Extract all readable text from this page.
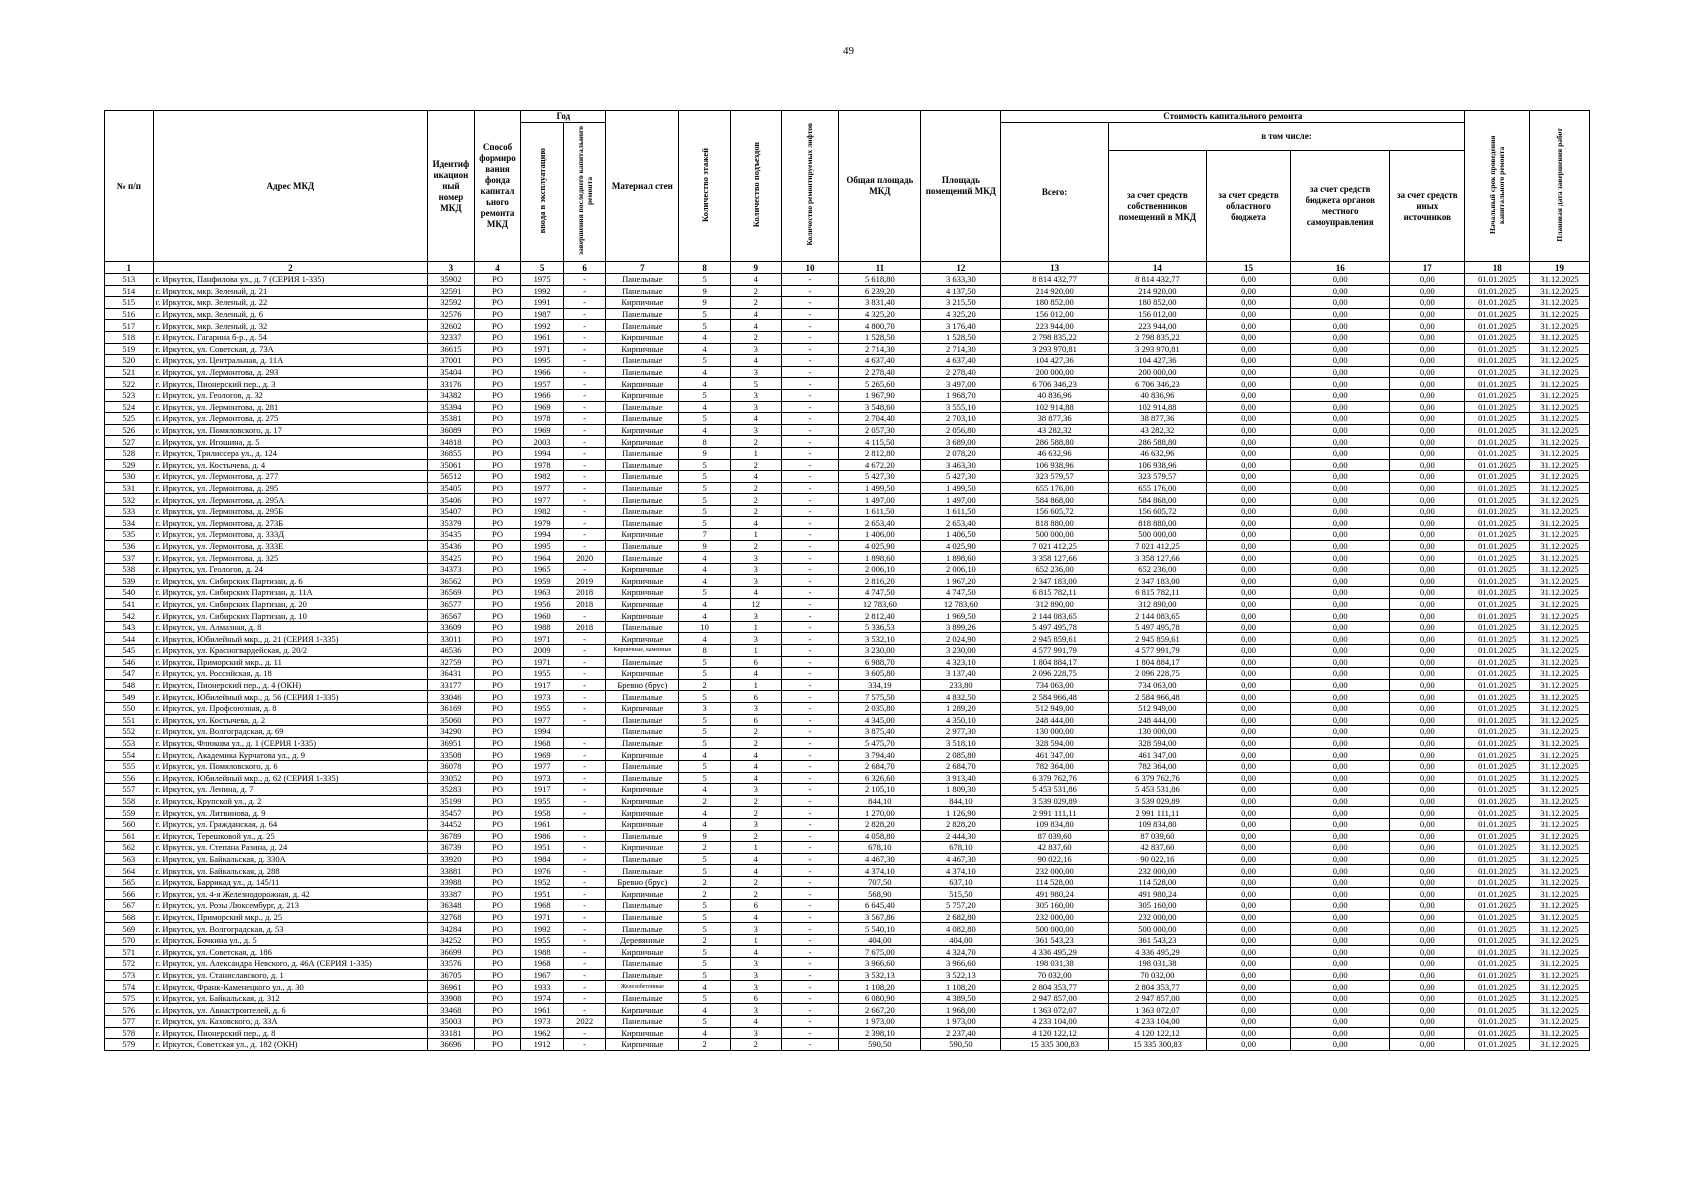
49
№ п/п	Адрес МКД	Идентиф икацион ный номер МКД	Способ формиро вания фонда капитал ьного ремонта МКД	Год		Материал стен	Количество этажей	Количество подъездов	Количество ремонтируемых лифтов	Общая площадь МКД	Площадь помещений МКД	Стоимость капитального ремонта					Начальный срок проведения капитального ремонта	Плановая дата завершения работ
				ввода в эксплуатацию	завершения последнего капитального ремонта							Всего:	в том числе:					
													за счет средств собственников помещений в МКД	за счет средств областного бюджета	за счет средств бюджета органов местного самоуправления	за счет средств иных источников		
1	2	3	4	5	6	7	8	9	10	11	12	13	14	15	16	17	18	19
513	г. Иркутск, Панфилова ул., д. 7 (СЕРИЯ 1-335)	35902	РО	1975	-	Панельные	5	4	-	5 618,80	3 633,30	8 814 432,77	8 814 432,77	0,00	0,00	0,00	01.01.2025	31.12.2025
514	г. Иркутск, мкр. Зеленый, д. 21	32591	РО	1992	-	Панельные	9	2	-	6 239,20	4 137,50	214 920,00	214 920,00	0,00	0,00	0,00	01.01.2025	31.12.2025
515	г. Иркутск, мкр. Зеленый, д. 22	32592	РО	1991	-	Кирпичные	9	2	-	3 831,40	3 215,50	180 852,00	180 852,00	0,00	0,00	0,00	01.01.2025	31.12.2025
516	г. Иркутск, мкр. Зеленый, д. 6	32576	РО	1987	-	Панельные	5	4	-	4 325,20	4 325,20	156 012,00	156 012,00	0,00	0,00	0,00	01.01.2025	31.12.2025
517	г. Иркутск, мкр. Зеленый, д. 32	32602	РО	1992	-	Панельные	5	4	-	4 800,70	3 176,40	223 944,00	223 944,00	0,00	0,00	0,00	01.01.2025	31.12.2025
518	г. Иркутск, Гагарина б-р., д. 54	32337	РО	1961	-	Кирпичные	4	2	-	1 528,50	1 528,50	2 798 835,22	2 798 835,22	0,00	0,00	0,00	01.01.2025	31.12.2025
519	г. Иркутск, ул. Советская, д. 73А	36615	РО	1971	-	Кирпичные	4	3	-	2 714,30	2 714,30	3 293 970,81	3 293 970,81	0,00	0,00	0,00	01.01.2025	31.12.2025
520	г. Иркутск, ул. Центральная, д. 11А	37001	РО	1995	-	Панельные	5	4	-	4 637,40	4 637,40	104 427,36	104 427,36	0,00	0,00	0,00	01.01.2025	31.12.2025
521	г. Иркутск, ул. Лермонтова, д. 293	35404	РО	1966	-	Панельные	4	3	-	2 278,40	2 278,40	200 000,00	200 000,00	0,00	0,00	0,00	01.01.2025	31.12.2025
522	г. Иркутск, Пионерский пер., д. 3	33176	РО	1957	-	Кирпичные	4	5	-	5 265,60	3 497,00	6 706 346,23	6 706 346,23	0,00	0,00	0,00	01.01.2025	31.12.2025
523	г. Иркутск, ул. Геологов, д. 32	34382	РО	1966	-	Кирпичные	5	3	-	1 967,90	1 968,70	40 836,96	40 836,96	0,00	0,00	0,00	01.01.2025	31.12.2025
524	г. Иркутск, ул. Лермонтова, д. 281	35394	РО	1969	-	Панельные	4	3	-	3 548,60	3 555,10	102 914,88	102 914,88	0,00	0,00	0,00	01.01.2025	31.12.2025
525	г. Иркутск, ул. Лермонтова, д. 275	35381	РО	1978	-	Панельные	5	4	-	2 704,40	2 703,10	38 877,36	38 877,36	0,00	0,00	0,00	01.01.2025	31.12.2025
526	г. Иркутск, ул. Помяловского, д. 17	36089	РО	1969	-	Кирпичные	4	3	-	2 057,30	2 056,80	43 282,32	43 282,32	0,00	0,00	0,00	01.01.2025	31.12.2025
527	г. Иркутск, ул. Игошина, д. 5	34818	РО	2003	-	Кирпичные	8	2	-	4 115,50	3 689,00	286 588,80	286 588,80	0,00	0,00	0,00	01.01.2025	31.12.2025
528	г. Иркутск, Трилиссера ул., д. 124	36855	РО	1994	-	Панельные	9	1	-	2 812,80	2 078,20	46 632,96	46 632,96	0,00	0,00	0,00	01.01.2025	31.12.2025
529	г. Иркутск, ул. Костычева, д. 4	35061	РО	1978	-	Панельные	5	2	-	4 672,20	3 463,30	106 938,96	106 938,96	0,00	0,00	0,00	01.01.2025	31.12.2025
530	г. Иркутск, ул. Лермонтова, д. 277	56512	РО	1982	-	Панельные	5	4	-	5 427,30	5 427,30	323 579,57	323 579,57	0,00	0,00	0,00	01.01.2025	31.12.2025
531	г. Иркутск, ул. Лермонтова, д. 295	35405	РО	1977	-	Панельные	5	2	-	1 499,50	1 499,50	655 176,00	655 176,00	0,00	0,00	0,00	01.01.2025	31.12.2025
532	г. Иркутск, ул. Лермонтова, д. 295А	35406	РО	1977	-	Панельные	5	2	-	1 497,00	1 497,00	584 868,00	584 868,00	0,00	0,00	0,00	01.01.2025	31.12.2025
533	г. Иркутск, ул. Лермонтова, д. 295Б	35407	РО	1982	-	Панельные	5	2	-	1 611,50	1 611,50	156 605,72	156 605,72	0,00	0,00	0,00	01.01.2025	31.12.2025
534	г. Иркутск, ул. Лермонтова, д. 273Б	35379	РО	1979	-	Панельные	5	4	-	2 653,40	2 653,40	818 880,00	818 880,00	0,00	0,00	0,00	01.01.2025	31.12.2025
535	г. Иркутск, ул. Лермонтова, д. 333Д	35435	РО	1994	-	Кирпичные	7	1	-	1 406,00	1 406,50	500 000,00	500 000,00	0,00	0,00	0,00	01.01.2025	31.12.2025
536	г. Иркутск, ул. Лермонтова, д. 333Е	35436	РО	1995	-	Панельные	9	2	-	4 025,90	4 025,90	7 021 412,25	7 021 412,25	0,00	0,00	0,00	01.01.2025	31.12.2025
537	г. Иркутск, ул. Лермонтова, д. 325	35425	РО	1964	2020	Панельные	4	3	-	1 898,60	1 898,60	3 358 127,66	3 358 127,66	0,00	0,00	0,00	01.01.2025	31.12.2025
538	г. Иркутск, ул. Геологов, д. 24	34373	РО	1965	-	Кирпичные	4	3	-	2 006,10	2 006,10	652 236,00	652 236,00	0,00	0,00	0,00	01.01.2025	31.12.2025
539	г. Иркутск, ул. Сибирских Партизан, д. 6	36562	РО	1959	2019	Кирпичные	4	3	-	2 816,20	1 967,20	2 347 183,00	2 347 183,00	0,00	0,00	0,00	01.01.2025	31.12.2025
540	г. Иркутск, ул. Сибирских Партизан, д. 11А	36569	РО	1963	2018	Кирпичные	5	4	-	4 747,50	4 747,50	6 815 782,11	6 815 782,11	0,00	0,00	0,00	01.01.2025	31.12.2025
541	г. Иркутск, ул. Сибирских Партизан, д. 20	36577	РО	1956	2018	Кирпичные	4	12	-	12 783,60	12 783,60	312 890,00	312 890,00	0,00	0,00	0,00	01.01.2025	31.12.2025
542	г. Иркутск, ул. Сибирских Партизан, д. 10	36567	РО	1960	-	Кирпичные	4	3	-	2 812,40	1 969,50	2 144 083,65	2 144 083,65	0,00	0,00	0,00	01.01.2025	31.12.2025
543	г. Иркутск, ул. Алмазная, д. 8	33609	РО	1988	2018	Панельные	10	1	-	5 336,53	3 899,26	5 497 495,78	5 497 495,78	0,00	0,00	0,00	01.01.2025	31.12.2025
544	г. Иркутск, Юбилейный мкр., д. 21 (СЕРИЯ 1-335)	33011	РО	1971	-	Кирпичные	4	3	-	3 532,10	2 024,90	2 945 859,61	2 945 859,61	0,00	0,00	0,00	01.01.2025	31.12.2025
545	г. Иркутск, ул. Красногвардейская, д. 20/2	46536	РО	2009	-	Кирпичные, каменные	8	1	-	3 230,00	3 230,00	4 577 991,79	4 577 991,79	0,00	0,00	0,00	01.01.2025	31.12.2025
546	г. Иркутск, Приморский мкр., д. 11	32759	РО	1971	-	Панельные	5	6	-	6 988,70	4 323,10	1 804 884,17	1 804 884,17	0,00	0,00	0,00	01.01.2025	31.12.2025
547	г. Иркутск, ул. Российская, д. 18	36431	РО	1955	-	Кирпичные	5	4	-	3 605,80	3 137,40	2 096 228,75	2 096 228,75	0,00	0,00	0,00	01.01.2025	31.12.2025
548	г. Иркутск, Пионерский пер., д. 4 (ОКН)	33177	РО	1917	-	Бревно (брус)	2	1	-	334,19	233,80	734 063,00	734 063,00	0,00	0,00	0,00	01.01.2025	31.12.2025
549	г. Иркутск, Юбилейный мкр., д. 56 (СЕРИЯ 1-335)	33046	РО	1973	-	Панельные	5	6	-	7 575,50	4 832,50	2 584 966,48	2 584 966,48	0,00	0,00	0,00	01.01.2025	31.12.2025
550	г. Иркутск, ул. Профсоюзная, д. 8	36169	РО	1955	-	Кирпичные	3	3	-	2 035,80	1 289,20	512 949,00	512 949,00	0,00	0,00	0,00	01.01.2025	31.12.2025
551	г. Иркутск, ул. Костычева, д. 2	35060	РО	1977	-	Панельные	5	6	-	4 345,00	4 350,10	248 444,00	248 444,00	0,00	0,00	0,00	01.01.2025	31.12.2025
552	г. Иркутск, ул. Волгоградская, д. 69	34290	РО	1994		Панельные	5	2	-	3 875,40	2 977,30	130 000,00	130 000,00	0,00	0,00	0,00	01.01.2025	31.12.2025
553	г. Иркутск, Флюкова ул., д. 1 (СЕРИЯ 1-335)	36951	РО	1968	-	Панельные	5	2	-	5 475,70	3 518,10	328 594,00	328 594,00	0,00	0,00	0,00	01.01.2025	31.12.2025
554	г. Иркутск, Академика Курчатова ул., д. 9	33508	РО	1969	-	Кирпичные	4	4	-	3 794,40	2 085,80	461 347,00	461 347,00	0,00	0,00	0,00	01.01.2025	31.12.2025
555	г. Иркутск, ул. Помяловского, д. 6	36078	РО	1977	-	Панельные	5	4	-	2 684,70	2 684,70	782 364,00	782 364,00	0,00	0,00	0,00	01.01.2025	31.12.2025
556	г. Иркутск, Юбилейный мкр., д. 62 (СЕРИЯ 1-335)	33052	РО	1973	-	Панельные	5	4	-	6 326,60	3 913,40	6 379 762,76	6 379 762,76	0,00	0,00	0,00	01.01.2025	31.12.2025
557	г. Иркутск, ул. Ленина, д. 7	35283	РО	1917	-	Кирпичные	4	3	-	2 105,10	1 809,30	5 453 531,86	5 453 531,86	0,00	0,00	0,00	01.01.2025	31.12.2025
558	г. Иркутск, Крупской ул., д. 2	35199	РО	1955	-	Кирпичные	2	2	-	844,10	844,10	3 539 029,89	3 539 029,89	0,00	0,00	0,00	01.01.2025	31.12.2025
559	г. Иркутск, ул. Литвинова, д. 9	35457	РО	1958	-	Кирпичные	4	2	-	1 270,00	1 126,90	2 991 111,11	2 991 111,11	0,00	0,00	0,00	01.01.2025	31.12.2025
560	г. Иркутск, ул. Гражданская, д. 64	34452	РО	1961		Кирпичные	4	3	-	2 828,20	2 828,20	109 834,80	109 834,80	0,00	0,00	0,00	01.01.2025	31.12.2025
561	г. Иркутск, Терешковой ул., д. 25	36789	РО	1986	-	Панельные	9	2	-	4 058,80	2 444,30	87 039,60	87 039,60	0,00	0,00	0,00	01.01.2025	31.12.2025
562	г. Иркутск, ул. Степана Разина, д. 24	36739	РО	1951	-	Кирпичные	2	1	-	678,10	678,10	42 837,60	42 837,60	0,00	0,00	0,00	01.01.2025	31.12.2025
563	г. Иркутск, ул. Байкальская, д. 330А	33920	РО	1984	-	Панельные	5	4	-	4 467,30	4 467,30	90 022,16	90 022,16	0,00	0,00	0,00	01.01.2025	31.12.2025
564	г. Иркутск, ул. Байкальская, д. 288	33881	РО	1976	-	Панельные	5	4	-	4 374,10	4 374,10	232 000,00	232 000,00	0,00	0,00	0,00	01.01.2025	31.12.2025
565	г. Иркутск, Баррикад ул., д. 145/11	33988	РО	1952	-	Бревно (брус)	2	2	-	707,50	637,10	114 528,00	114 528,00	0,00	0,00	0,00	01.01.2025	31.12.2025
566	г. Иркутск, ул. 4-я Железнодорожная, д. 42	33387	РО	1951	-	Кирпичные	2	2	-	568,90	515,50	491 980,24	491 980,24	0,00	0,00	0,00	01.01.2025	31.12.2025
567	г. Иркутск, ул. Розы Люксембург, д. 213	36348	РО	1968	-	Панельные	5	6	-	6 645,40	5 757,20	305 160,00	305 160,00	0,00	0,00	0,00	01.01.2025	31.12.2025
568	г. Иркутск, Приморский мкр., д. 25	32768	РО	1971	-	Панельные	5	4	-	3 567,86	2 682,80	232 000,00	232 000,00	0,00	0,00	0,00	01.01.2025	31.12.2025
569	г. Иркутск, ул. Волгоградская, д. 53	34284	РО	1992	-	Панельные	5	3	-	5 540,10	4 082,80	500 000,00	500 000,00	0,00	0,00	0,00	01.01.2025	31.12.2025
570	г. Иркутск, Бочкина ул., д. 5	34252	РО	1955	-	Деревянные	2	1	-	404,00	404,00	361 543,23	361 543,23	0,00	0,00	0,00	01.01.2025	31.12.2025
571	г. Иркутск, ул. Советская, д. 186	36699	РО	1988	-	Кирпичные	5	4	-	7 675,00	4 324,70	4 336 495,29	4 336 495,29	0,00	0,00	0,00	01.01.2025	31.12.2025
572	г. Иркутск, ул. Александра Невского, д. 46А (СЕРИЯ 1-335)	33576	РО	1968	-	Панельные	5	3	-	3 966,60	3 966,60	198 031,38	198 031,38	0,00	0,00	0,00	01.01.2025	31.12.2025
573	г. Иркутск, ул. Станиславского, д. 1	36705	РО	1967	-	Панельные	5	3	-	3 532,13	3 522,13	70 032,00	70 032,00	0,00	0,00	0,00	01.01.2025	31.12.2025
574	г. Иркутск, Франк-Каменецкого ул., д. 30	36961	РО	1933	-	Железобетонные	4	3	-	1 108,20	1 108,20	2 804 353,77	2 804 353,77	0,00	0,00	0,00	01.01.2025	31.12.2025
575	г. Иркутск, ул. Байкальская, д. 312	33908	РО	1974	-	Панельные	5	6	-	6 080,90	4 389,50	2 947 857,00	2 947 857,00	0,00	0,00	0,00	01.01.2025	31.12.2025
576	г. Иркутск, ул. Авиастроителей, д. 6	33468	РО	1961	-	Кирпичные	4	3	-	2 667,20	1 968,00	1 363 072,07	1 363 072,07	0,00	0,00	0,00	01.01.2025	31.12.2025
577	г. Иркутск, ул. Каховского, д. 33А	35003	РО	1973	2022	Панельные	5	4	-	1 973,00	1 973,00	4 233 104,00	4 233 104,00	0,00	0,00	0,00	01.01.2025	31.12.2025
578	г. Иркутск, Пионерский пер., д. 8	33181	РО	1962	-	Кирпичные	4	3	-	2 398,10	2 237,40	4 120 122,12	4 120 122,12	0,00	0,00	0,00	01.01.2025	31.12.2025
579	г. Иркутск, Советская ул., д. 182 (ОКН)	36696	РО	1912	-	Кирпичные	2	2	-	590,50	590,50	15 335 300,83	15 335 300,83	0,00	0,00	0,00	01.01.2025	31.12.2025
